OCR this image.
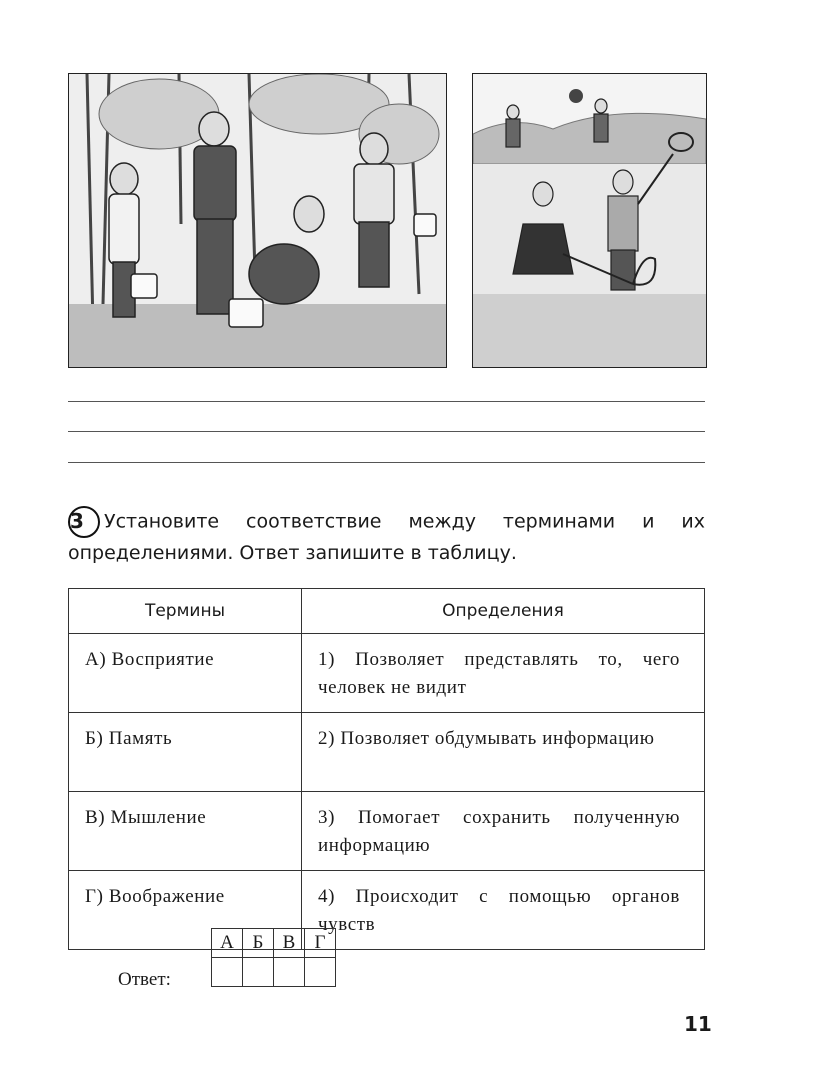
3 Установите соответствие между терминами и их
определениями. Ответ запишите в таблицу.
Термины	Определения
А) Восприятие	1) Позволяет представлять то, чего человек не видит
Б) Память	2) Позволяет обдумывать информацию
В) Мышление	3) Помогает сохранить полученную информацию
Г) Воображение	4) Происходит с помощью органов чувств
Ответ:
А	Б	В	Г

11
